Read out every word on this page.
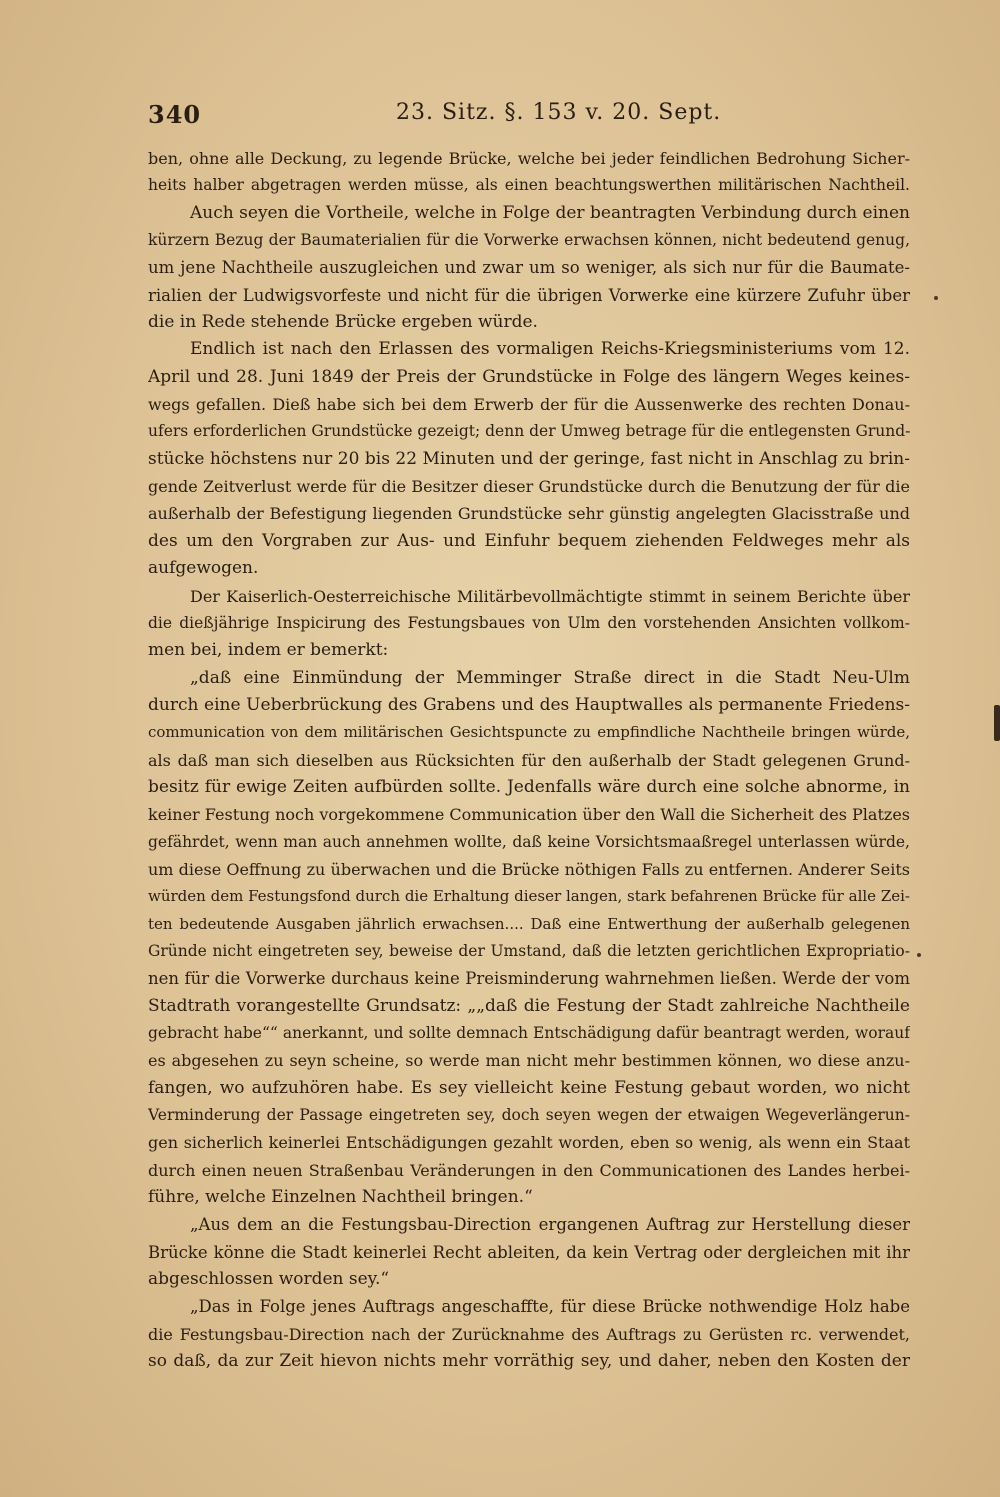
340	23. Sitz. §. 153 v. 20. Sept.
ben, ohne alle Deckung, zu legende Brücke, welche bei jeder feindlichen Bedrohung Sicher-
heits halber abgetragen werden müsse, als einen beachtungswerthen militärischen Nachtheil.
Auch seyen die Vortheile, welche in Folge der beantragten Verbindung durch einen
kürzern Bezug der Baumaterialien für die Vorwerke erwachsen können, nicht bedeutend genug,
um jene Nachtheile auszugleichen und zwar um so weniger, als sich nur für die Baumate-
rialien der Ludwigsvorfeste und nicht für die übrigen Vorwerke eine kürzere Zufuhr über
die in Rede stehende Brücke ergeben würde.
Endlich ist nach den Erlassen des vormaligen Reichs-Kriegsministeriums vom 12.
April und 28. Juni 1849 der Preis der Grundstücke in Folge des längern Weges keines-
wegs gefallen. Dieß habe sich bei dem Erwerb der für die Aussenwerke des rechten Donau-
ufers erforderlichen Grundstücke gezeigt; denn der Umweg betrage für die entlegensten Grund-
stücke höchstens nur 20 bis 22 Minuten und der geringe, fast nicht in Anschlag zu brin-
gende Zeitverlust werde für die Besitzer dieser Grundstücke durch die Benutzung der für die
außerhalb der Befestigung liegenden Grundstücke sehr günstig angelegten Glacisstraße und
des um den Vorgraben zur Aus- und Einfuhr bequem ziehenden Feldweges mehr als
aufgewogen.
Der Kaiserlich-Oesterreichische Militärbevollmächtigte stimmt in seinem Berichte über
die dießjährige Inspicirung des Festungsbaues von Ulm den vorstehenden Ansichten vollkom-
men bei, indem er bemerkt:
„daß eine Einmündung der Memminger Straße direct in die Stadt Neu-Ulm
durch eine Ueberbrückung des Grabens und des Hauptwalles als permanente Friedens-
communication von dem militärischen Gesichtspuncte zu empfindliche Nachtheile bringen würde,
als daß man sich dieselben aus Rücksichten für den außerhalb der Stadt gelegenen Grund-
besitz für ewige Zeiten aufbürden sollte. Jedenfalls wäre durch eine solche abnorme, in
keiner Festung noch vorgekommene Communication über den Wall die Sicherheit des Platzes
gefährdet, wenn man auch annehmen wollte, daß keine Vorsichtsmaaßregel unterlassen würde,
um diese Oeffnung zu überwachen und die Brücke nöthigen Falls zu entfernen. Anderer Seits
würden dem Festungsfond durch die Erhaltung dieser langen, stark befahrenen Brücke für alle Zei-
ten bedeutende Ausgaben jährlich erwachsen.... Daß eine Entwerthung der außerhalb gelegenen
Gründe nicht eingetreten sey, beweise der Umstand, daß die letzten gerichtlichen Expropriatio-
nen für die Vorwerke durchaus keine Preisminderung wahrnehmen ließen. Werde der vom
Stadtrath vorangestellte Grundsatz: „„daß die Festung der Stadt zahlreiche Nachtheile
gebracht habe““ anerkannt, und sollte demnach Entschädigung dafür beantragt werden, worauf
es abgesehen zu seyn scheine, so werde man nicht mehr bestimmen können, wo diese anzu-
fangen, wo aufzuhören habe. Es sey vielleicht keine Festung gebaut worden, wo nicht
Verminderung der Passage eingetreten sey, doch seyen wegen der etwaigen Wegeverlängerun-
gen sicherlich keinerlei Entschädigungen gezahlt worden, eben so wenig, als wenn ein Staat
durch einen neuen Straßenbau Veränderungen in den Communicationen des Landes herbei-
führe, welche Einzelnen Nachtheil bringen.“
„Aus dem an die Festungsbau-Direction ergangenen Auftrag zur Herstellung dieser
Brücke könne die Stadt keinerlei Recht ableiten, da kein Vertrag oder dergleichen mit ihr
abgeschlossen worden sey.“
„Das in Folge jenes Auftrags angeschaffte, für diese Brücke nothwendige Holz habe
die Festungsbau-Direction nach der Zurücknahme des Auftrags zu Gerüsten rc. verwendet,
so daß, da zur Zeit hievon nichts mehr vorräthig sey, und daher, neben den Kosten der
